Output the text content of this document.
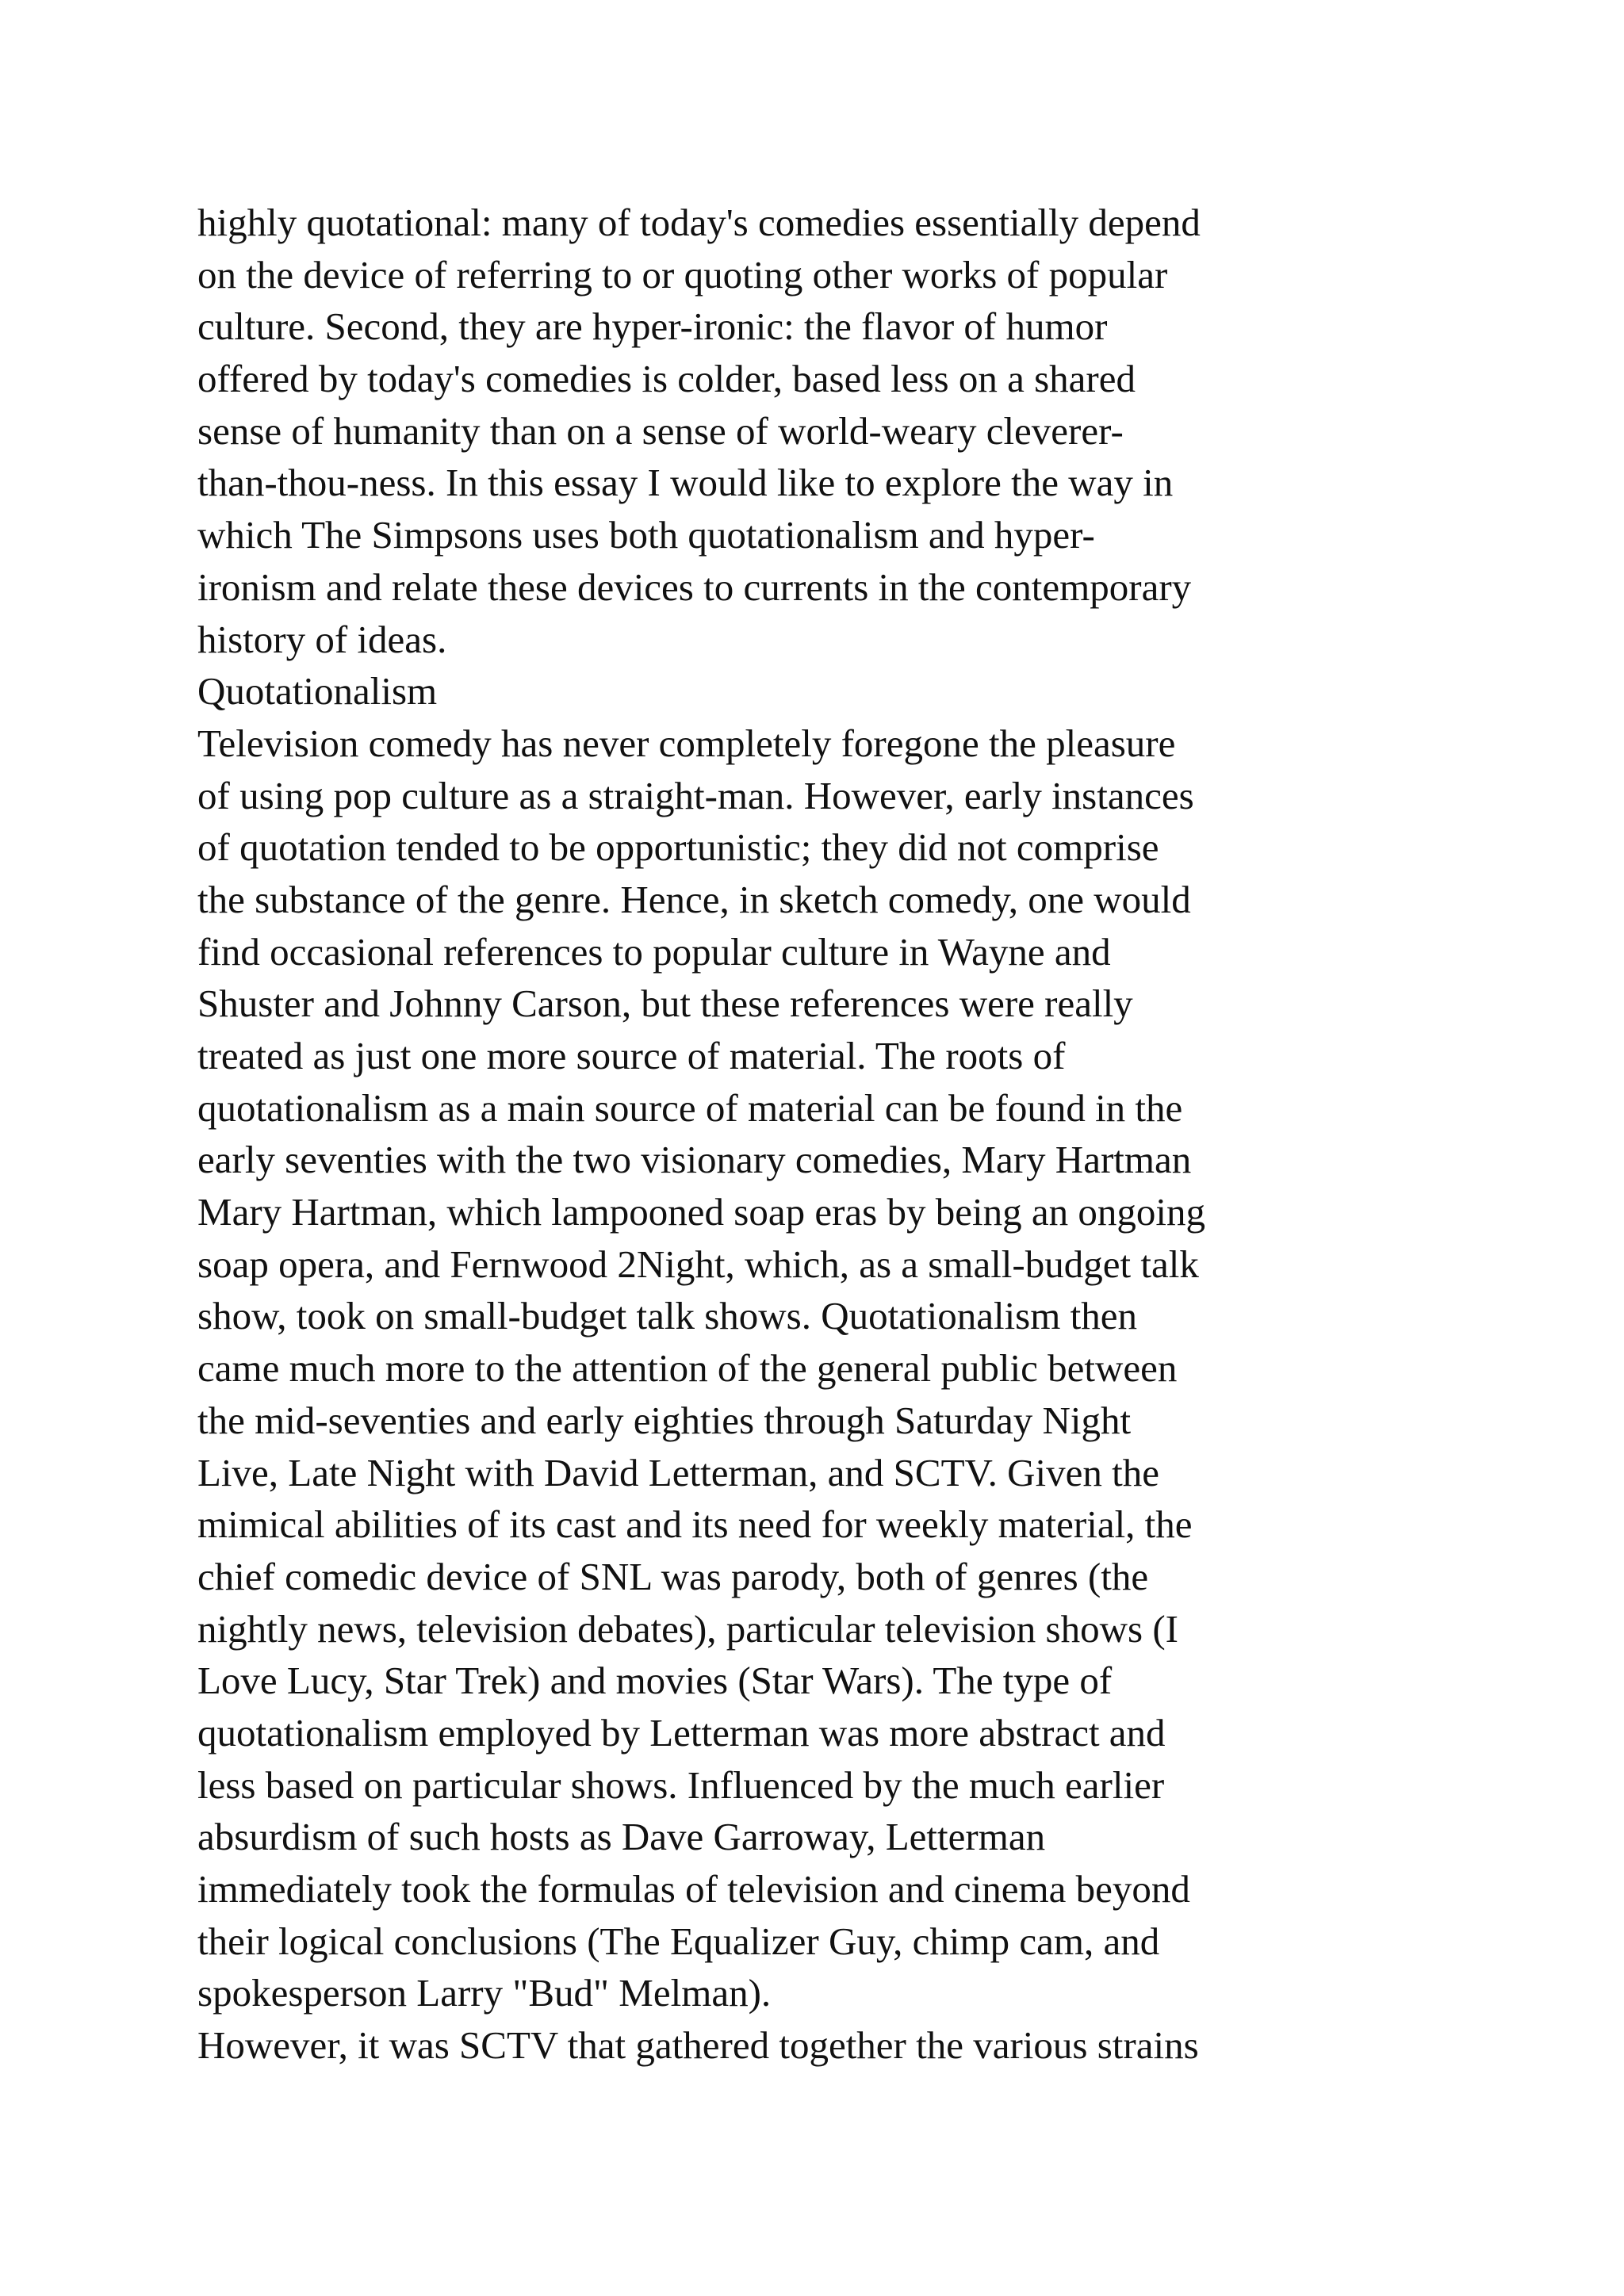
highly quotational: many of today's comedies essentially depend
on the device of referring to or quoting other works of popular
culture. Second, they are hyper-ironic: the flavor of humor
offered by today's comedies is colder, based less on a shared
sense of humanity than on a sense of world-weary cleverer-
than-thou-ness. In this essay I would like to explore the way in
which The Simpsons uses both quotationalism and hyper-
ironism and relate these devices to currents in the contemporary
history of ideas.
Quotationalism
Television comedy has never completely foregone the pleasure
of using pop culture as a straight-man. However, early instances
of quotation tended to be opportunistic; they did not comprise
the substance of the genre. Hence, in sketch comedy, one would
find occasional references to popular culture in Wayne and
Shuster and Johnny Carson, but these references were really
treated as just one more source of material. The roots of
quotationalism as a main source of material can be found in the
early seventies with the two visionary comedies, Mary Hartman
Mary Hartman, which lampooned soap eras by being an ongoing
soap opera, and Fernwood 2Night, which, as a small-budget talk
show, took on small-budget talk shows. Quotationalism then
came much more to the attention of the general public between
the mid-seventies and early eighties through Saturday Night
Live, Late Night with David Letterman, and SCTV. Given the
mimical abilities of its cast and its need for weekly material, the
chief comedic device of SNL was parody, both of genres (the
nightly news, television debates), particular television shows (I
Love Lucy, Star Trek) and movies (Star Wars). The type of
quotationalism employed by Letterman was more abstract and
less based on particular shows. Influenced by the much earlier
absurdism of such hosts as Dave Garroway, Letterman
immediately took the formulas of television and cinema beyond
their logical conclusions (The Equalizer Guy, chimp cam, and
spokesperson Larry "Bud" Melman).
However, it was SCTV that gathered together the various strains
